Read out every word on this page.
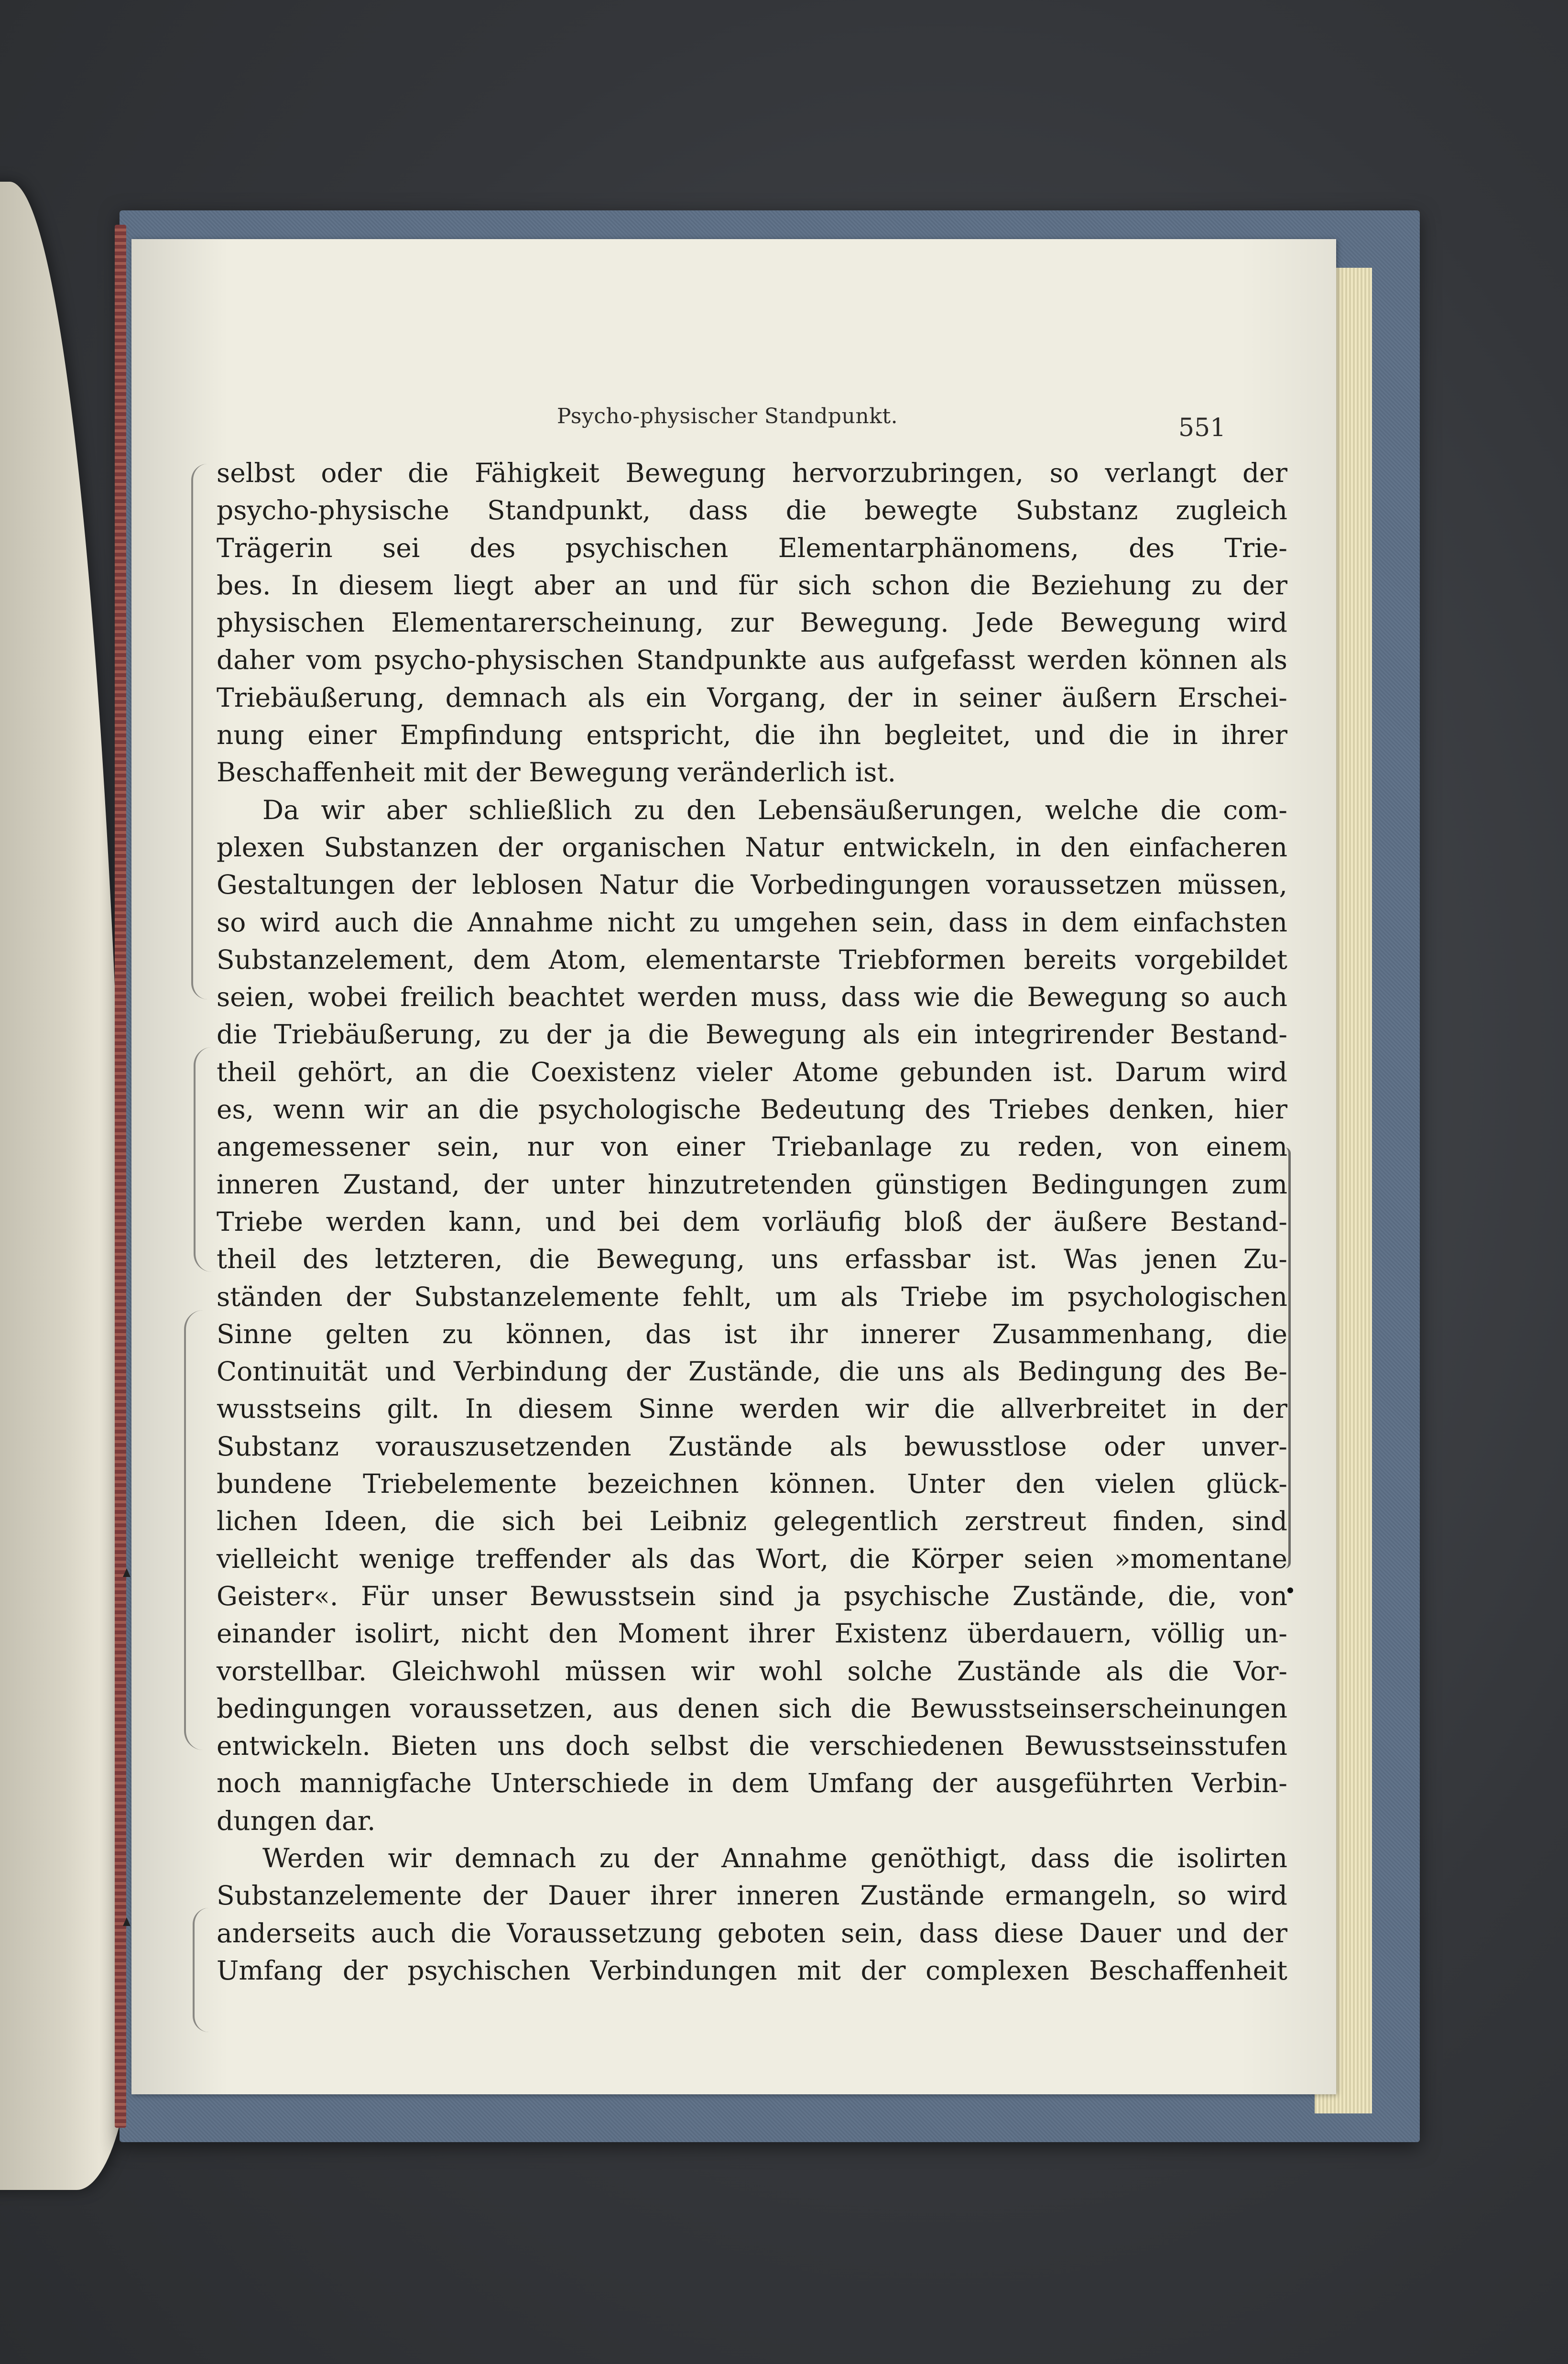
Psycho-physischer Standpunkt.	551
selbst oder die Fähigkeit Bewegung hervorzubringen, so verlangt der
psycho-physische Standpunkt, dass die bewegte Substanz zugleich
Trägerin sei des psychischen Elementarphänomens, des Trie-
bes. In diesem liegt aber an und für sich schon die Beziehung zu der
physischen Elementarerscheinung, zur Bewegung. Jede Bewegung wird
daher vom psycho-physischen Standpunkte aus aufgefasst werden können als
Triebäußerung, demnach als ein Vorgang, der in seiner äußern Erschei-
nung einer Empfindung entspricht, die ihn begleitet, und die in ihrer
Beschaffenheit mit der Bewegung veränderlich ist.
Da wir aber schließlich zu den Lebensäußerungen, welche die com-
plexen Substanzen der organischen Natur entwickeln, in den einfacheren
Gestaltungen der leblosen Natur die Vorbedingungen voraussetzen müssen,
so wird auch die Annahme nicht zu umgehen sein, dass in dem einfachsten
Substanzelement, dem Atom, elementarste Triebformen bereits vorgebildet
seien, wobei freilich beachtet werden muss, dass wie die Bewegung so auch
die Triebäußerung, zu der ja die Bewegung als ein integrirender Bestand-
theil gehört, an die Coexistenz vieler Atome gebunden ist. Darum wird
es, wenn wir an die psychologische Bedeutung des Triebes denken, hier
angemessener sein, nur von einer Triebanlage zu reden, von einem
inneren Zustand, der unter hinzutretenden günstigen Bedingungen zum
Triebe werden kann, und bei dem vorläufig bloß der äußere Bestand-
theil des letzteren, die Bewegung, uns erfassbar ist. Was jenen Zu-
ständen der Substanzelemente fehlt, um als Triebe im psychologischen
Sinne gelten zu können, das ist ihr innerer Zusammenhang, die
Continuität und Verbindung der Zustände, die uns als Bedingung des Be-
wusstseins gilt. In diesem Sinne werden wir die allverbreitet in der
Substanz vorauszusetzenden Zustände als bewusstlose oder unver-
bundene Triebelemente bezeichnen können. Unter den vielen glück-
lichen Ideen, die sich bei Leibniz gelegentlich zerstreut finden, sind
vielleicht wenige treffender als das Wort, die Körper seien »momentane
Geister«. Für unser Bewusstsein sind ja psychische Zustände, die, von
einander isolirt, nicht den Moment ihrer Existenz überdauern, völlig un-
vorstellbar. Gleichwohl müssen wir wohl solche Zustände als die Vor-
bedingungen voraussetzen, aus denen sich die Bewusstseinserscheinungen
entwickeln. Bieten uns doch selbst die verschiedenen Bewusstseinsstufen
noch mannigfache Unterschiede in dem Umfang der ausgeführten Verbin-
dungen dar.
Werden wir demnach zu der Annahme genöthigt, dass die isolirten
Substanzelemente der Dauer ihrer inneren Zustände ermangeln, so wird
anderseits auch die Voraussetzung geboten sein, dass diese Dauer und der
Umfang der psychischen Verbindungen mit der complexen Beschaffenheit
